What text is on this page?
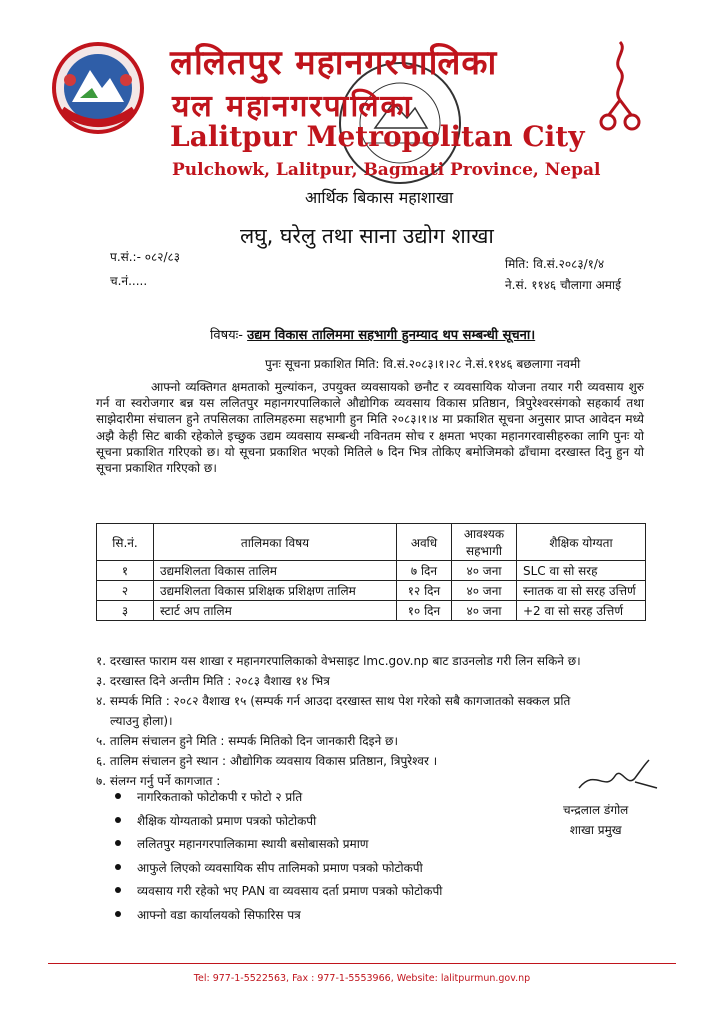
ललितपुर महानगरपालिका
यल महानगरपालिका
Lalitpur Metropolitan City
Pulchowk, Lalitpur, Bagmati Province, Nepal
आर्थिक बिकास महाशाखा
लघु, घरेलु तथा साना उद्योग शाखा
प.सं.:- ०८२/८३
च.नं.....
मिति: वि.सं.२०८३/१/४
ने.सं. ११४६ चौलागा अमाई
विषयः- उद्यम विकास तालिममा सहभागी हुनम्याद थप सम्बन्धी सूचना।
पुनः सूचना प्रकाशित मिति: वि.सं.२०८३।१।२८ ने.सं.११४६ बछलागा नवमी
आफ्नो व्यक्तिगत क्षमताको मुल्यांकन, उपयुक्त व्यवसायको छनौट र व्यवसायिक योजना तयार गरी व्यवसाय शुरु गर्न वा स्वरोजगार बन्न यस ललितपुर महानगरपालिकाले औद्योगिक व्यवसाय विकास प्रतिष्ठान, त्रिपुरेश्वरसंगको सहकार्य तथा साझेदारीमा संचालन हुने तपसिलका तालिमहरुमा सहभागी हुन मिति २०८३।१।४ मा प्रकाशित सूचना अनुसार प्राप्त आवेदन मध्ये अझै केही सिट बाकी रहेकोले इच्छुक उद्यम व्यवसाय सम्बन्धी नविनतम सोच र क्षमता भएका महानगरवासीहरुका लागि पुनः यो सूचना प्रकाशित गरिएको छ। यो सूचना प्रकाशित भएको मितिले ७ दिन भित्र तोकिए बमोजिमको ढाँचामा दरखास्त दिनु हुन यो सूचना प्रकाशित गरिएको छ।
सि.नं.	तालिमका विषय	अवधि	आवश्यक सहभागी	शैक्षिक योग्यता
१	उद्यमशिलता विकास तालिम	७ दिन	४० जना	SLC वा सो सरह
२	उद्यमशिलता विकास प्रशिक्षक प्रशिक्षण तालिम	१२ दिन	४० जना	स्नातक वा सो सरह उत्तिर्ण
३	स्टार्ट अप तालिम	१० दिन	४० जना	+2 वा सो सरह उत्तिर्ण
१. दरखास्त फाराम यस शाखा र महानगरपालिकाको वेभसाइट lmc.gov.np बाट डाउनलोड गरी लिन सकिने छ।
३. दरखास्त दिने अन्तीम मिति : २०८३ वैशाख १४ भित्र
४. सम्पर्क मिति : २०८२ वैशाख १५ (सम्पर्क गर्न आउदा दरखास्त साथ पेश गरेको सबै कागजातको सक्कल प्रति
ल्याउनु होला)।
५. तालिम संचालन हुने मिति : सम्पर्क मितिको दिन जानकारी दिइने छ।
६. तालिम संचालन हुने स्थान : औद्योगिक व्यवसाय विकास प्रतिष्ठान, त्रिपुरेश्वर ।
७. संलग्न गर्नु पर्ने कागजात :
नागरिकताको फोटोकपी र फोटो २ प्रति
शैक्षिक योग्यताको प्रमाण पत्रको फोटोकपी
ललितपुर महानगरपालिकामा स्थायी बसोबासको प्रमाण
आफुले लिएको व्यवसायिक सीप तालिमको प्रमाण पत्रको फोटोकपी
व्यवसाय गरी रहेको भए PAN वा व्यवसाय दर्ता प्रमाण पत्रको फोटोकपी
आफ्नो वडा कार्यालयको सिफारिस पत्र
चन्द्रलाल डंगोल
शाखा प्रमुख
Tel: 977-1-5522563, Fax : 977-1-5553966, Website: lalitpurmun.gov.np
